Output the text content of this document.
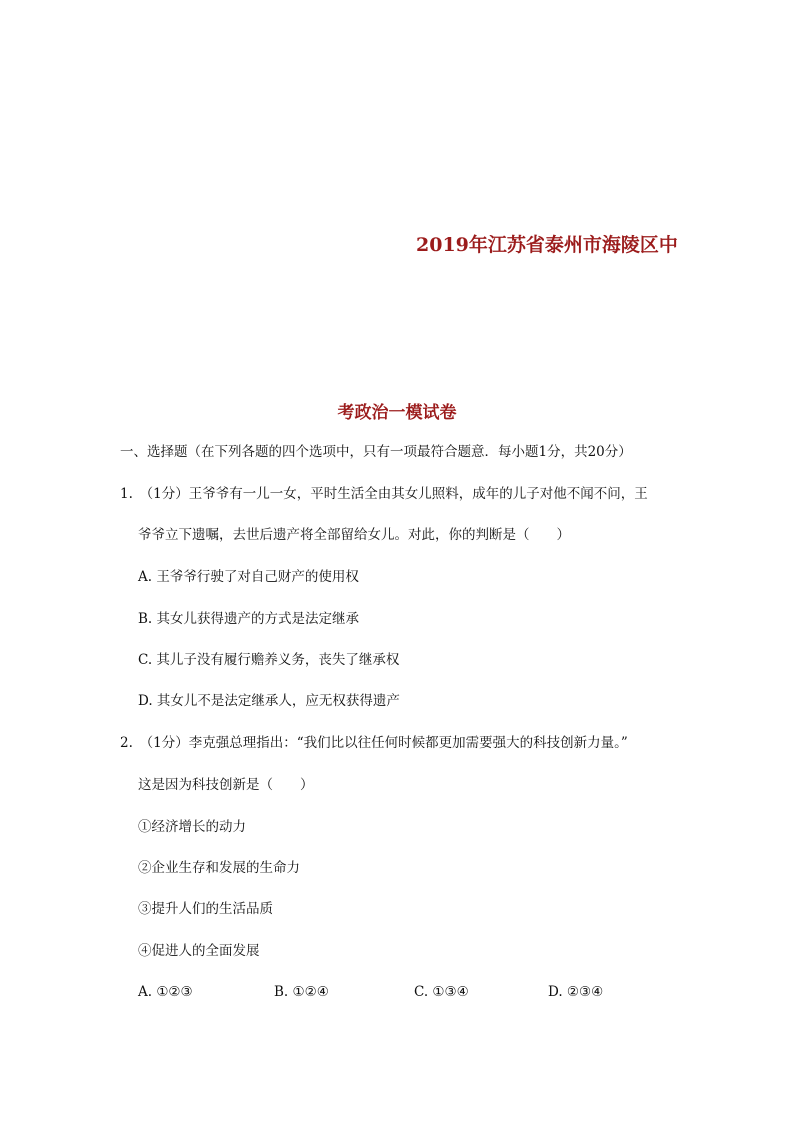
2019年江苏省泰州市海陵区中
考政治一模试卷
一、选择题（在下列各题的四个选项中，只有一项最符合题意．每小题1分，共20分）
1.　（1分）王爷爷有一儿一女，平时生活全由其女儿照料，成年的儿子对他不闻不问，王
爷爷立下遗嘱，去世后遗产将全部留给女儿。对此，你的判断是（　　）
A. 王爷爷行驶了对自己财产的使用权
B. 其女儿获得遗产的方式是法定继承
C. 其儿子没有履行赡养义务，丧失了继承权
D. 其女儿不是法定继承人，应无权获得遗产
2.　（1分）李克强总理指出：“我们比以往任何时候都更加需要强大的科技创新力量。”
这是因为科技创新是（　　）
①经济增长的动力
②企业生存和发展的生命力
③提升人们的生活品质
④促进人的全面发展
A. ①②③	B. ①②④	C. ①③④	D. ②③④
